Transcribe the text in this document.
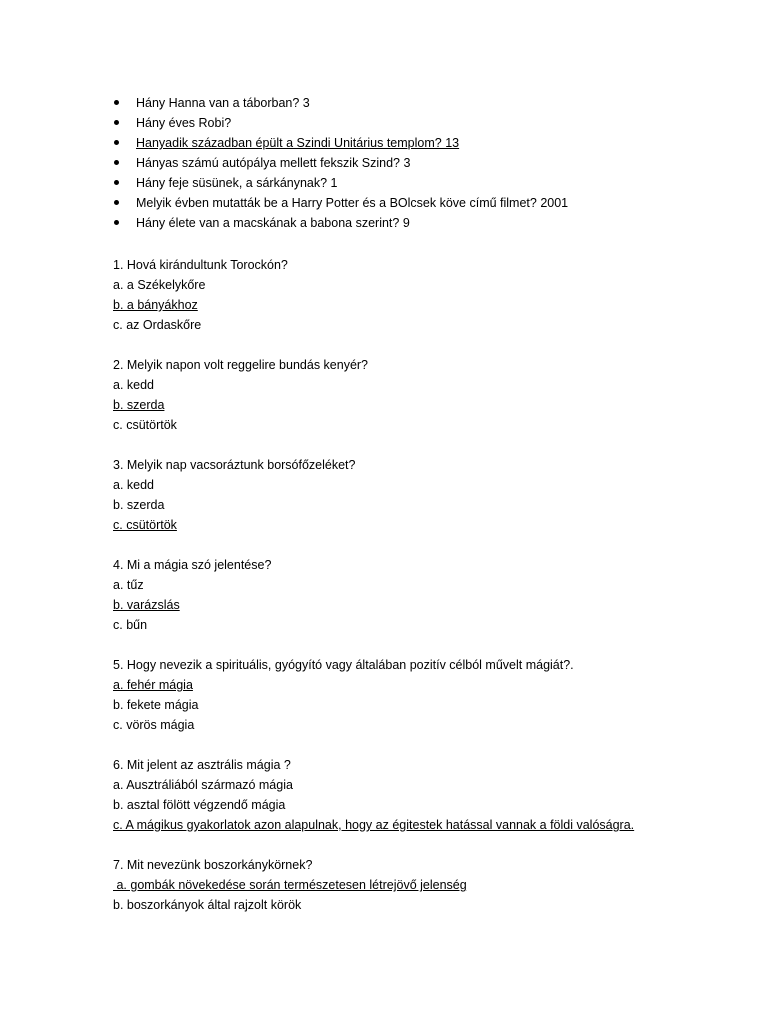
Hány Hanna van a táborban? 3
Hány éves Robi?
Hanyadik században épült a Szindi Unitárius templom? 13
Hányas számú autópálya mellett fekszik Szind? 3
Hány feje süsünek, a sárkánynak? 1
Melyik évben mutatták be a Harry Potter és a BOlcsek köve című filmet? 2001
Hány élete van a macskának a babona szerint? 9
1. Hová kirándultunk Torockón?
a. a Székelykőre
b. a bányákhoz
c. az Ordaskőre
2. Melyik napon volt reggelire bundás kenyér?
a. kedd
b. szerda
c. csütörtök
3. Melyik nap vacsoráztunk borsófőzeléket?
a. kedd
b. szerda
c. csütörtök
4. Mi a mágia szó jelentése?
a. tűz
b. varázslás
c. bűn
5. Hogy nevezik a spirituális, gyógyító vagy általában pozitív célból művelt mágiát?.
a. fehér mágia
b. fekete mágia
c. vörös mágia
6. Mit jelent az asztrális mágia ?
a. Ausztráliából származó mágia
b. asztal fölött végzendő mágia
c. A mágikus gyakorlatok azon alapulnak, hogy az égitestek hatással vannak a földi valóságra.
7. Mit nevezünk boszorkánykörnek?
a. gombák növekedése során természetesen létrejövő jelenség
b. boszorkányok által rajzolt körök
